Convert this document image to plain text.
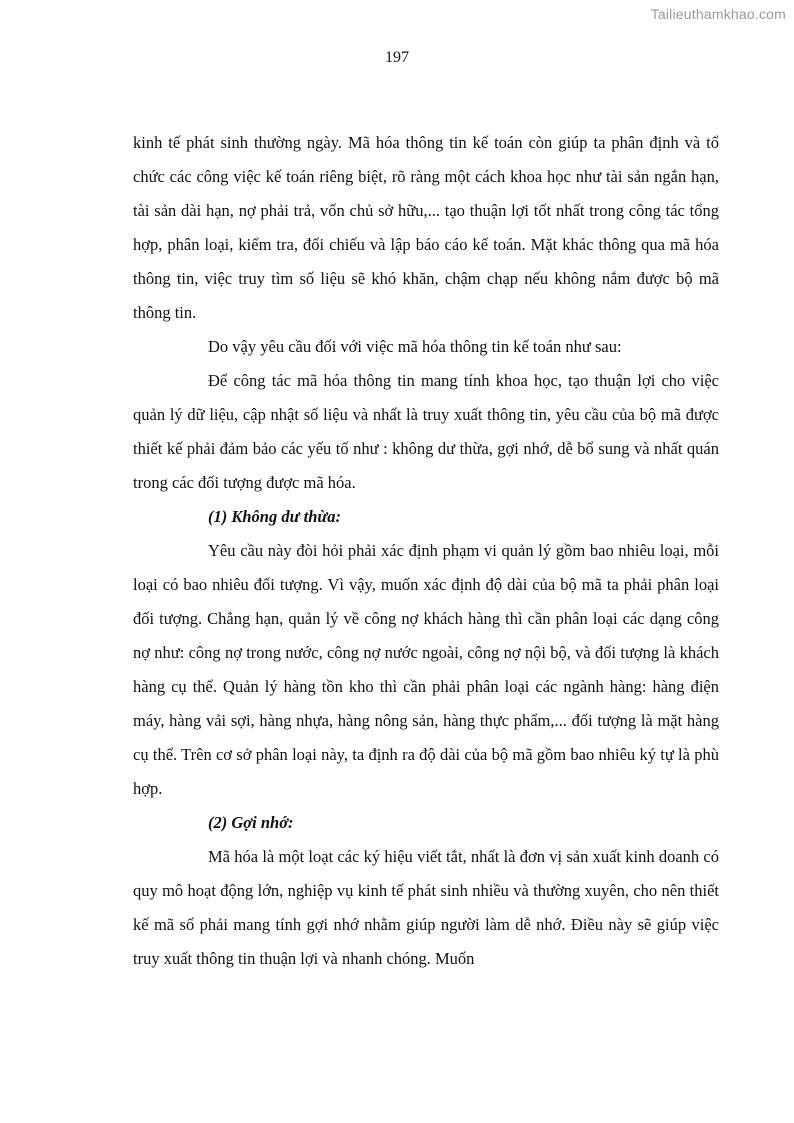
Tailieuthamkhao.com
197

kinh tế phát sinh thường ngày. Mã hóa thông tin kế toán còn giúp ta phân định và tổ chức các công việc kế toán riêng biệt, rõ ràng một cách khoa học như tài sản ngắn hạn, tài sản dài hạn, nợ phải trả, vốn chủ sở hữu,... tạo thuận lợi tốt nhất trong công tác tổng hợp, phân loại, kiểm tra, đối chiếu và lập báo cáo kế toán. Mặt khác thông qua mã hóa thông tin, việc truy tìm số liệu sẽ khó khăn, chậm chạp nếu không nắm được bộ mã thông tin.

Do vậy yêu cầu đối với việc mã hóa thông tin kế toán như sau:

Để công tác mã hóa thông tin mang tính khoa học, tạo thuận lợi cho việc quản lý dữ liệu, cập nhật số liệu và nhất là truy xuất thông tin, yêu cầu của bộ mã được thiết kế phải đảm bảo các yếu tố như : không dư thừa, gợi nhớ, dễ bổ sung và nhất quán trong các đối tượng được mã hóa.

(1) Không dư thừa:

Yêu cầu này đòi hỏi phải xác định phạm vi quản lý gồm bao nhiêu loại, mỗi loại có bao nhiêu đối tượng. Vì vậy, muốn xác định độ dài của bộ mã ta phải phân loại đối tượng. Chẳng hạn, quản lý về công nợ khách hàng thì cần phân loại các dạng công nợ như: công nợ trong nước, công nợ nước ngoài, công nợ nội bộ, và đối tượng là khách hàng cụ thể. Quản lý hàng tồn kho thì cần phải phân loại các ngành hàng: hàng điện máy, hàng vải sợi, hàng nhựa, hàng nông sản, hàng thực phẩm,... đối tượng là mặt hàng cụ thể. Trên cơ sở phân loại này, ta định ra độ dài của bộ mã gồm bao nhiêu ký tự là phù hợp.

(2) Gợi nhớ:

Mã hóa là một loạt các ký hiệu viết tắt, nhất là đơn vị sản xuất kinh doanh có quy mô hoạt động lớn, nghiệp vụ kinh tế phát sinh nhiều và thường xuyên, cho nên thiết kế mã số phải mang tính gợi nhớ nhằm giúp người làm dễ nhớ. Điều này sẽ giúp việc truy xuất thông tin thuận lợi và nhanh chóng. Muốn
